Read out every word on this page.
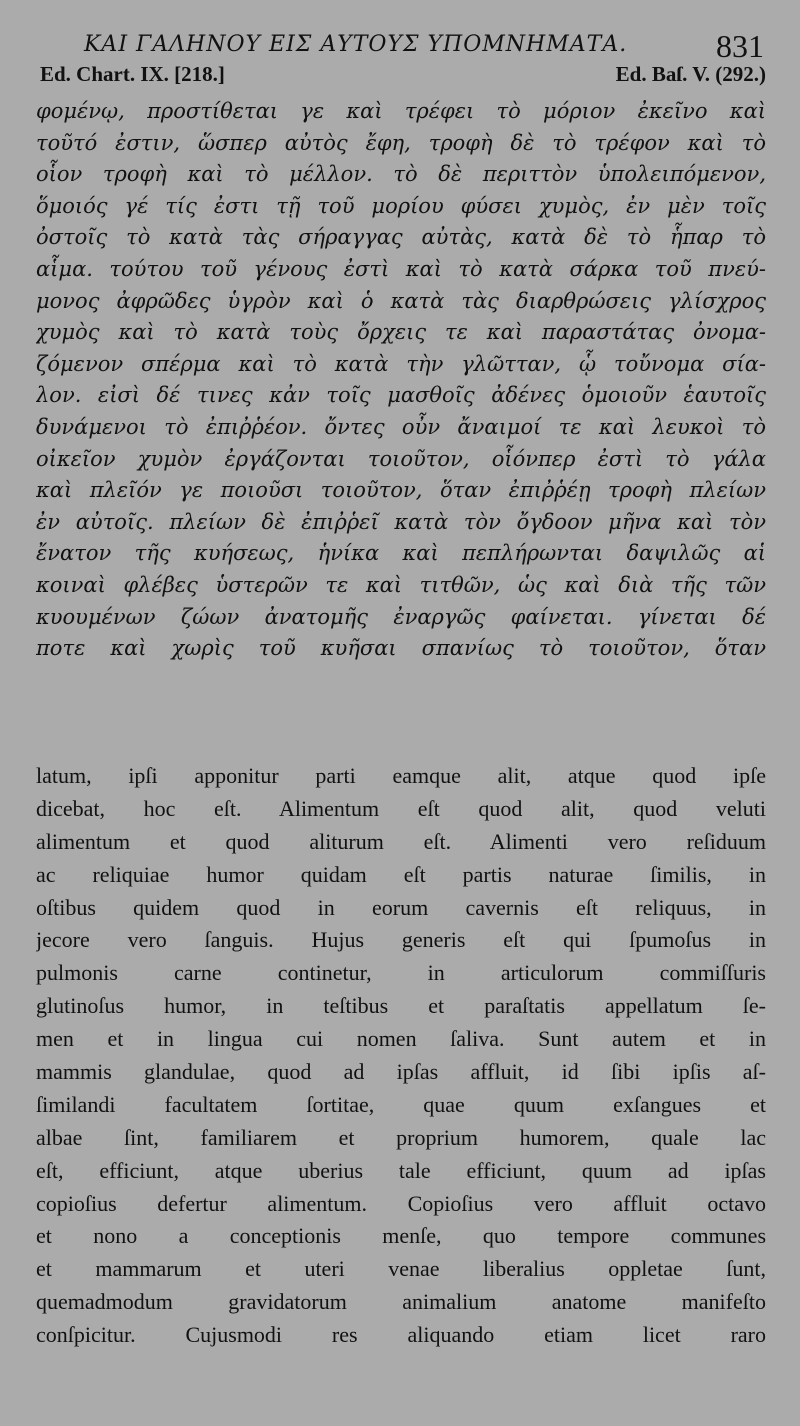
ΚΑΙ ΓΑΛΗΝΟΥ ΕΙΣ ΑΥΤΟΥΣ ΥΠΟΜΝΗΜΑΤΑ.	831
Ed. Chart. IX. [218.]	Ed. Baſ. V. (292.)
φομένῳ, προστίθεται γε καὶ τρέφει τὸ μόριον ἐκεῖνο καὶ
τοῦτό ἐστιν, ὥσπερ αὐτὸς ἔφη, τροφὴ δὲ τὸ τρέφον καὶ τὸ
οἷον τροφὴ καὶ τὸ μέλλον. τὸ δὲ περιττὸν ὑπολειπόμενον,
ὅμοιός γέ τίς ἐστι τῇ τοῦ μορίου φύσει χυμὸς, ἐν μὲν τοῖς
ὀστοῖς τὸ κατὰ τὰς σήραγγας αὐτὰς, κατὰ δὲ τὸ ἧπαρ τὸ
αἷμα. τούτου τοῦ γένους ἐστὶ καὶ τὸ κατὰ σάρκα τοῦ πνεύ-
μονος ἀφρῶδες ὑγρὸν καὶ ὁ κατὰ τὰς διαρθρώσεις γλίσχρος
χυμὸς καὶ τὸ κατὰ τοὺς ὄρχεις τε καὶ παραστάτας ὀνομα-
ζόμενον σπέρμα καὶ τὸ κατὰ τὴν γλῶτταν, ᾧ τοὔνομα σία-
λον. εἰσὶ δέ τινες κἀν τοῖς μασθοῖς ἀδένες ὁμοιοῦν ἑαυτοῖς
δυνάμενοι τὸ ἐπιῤῥέον. ὄντες οὖν ἄναιμοί τε καὶ λευκοὶ τὸ
οἰκεῖον χυμὸν ἐργάζονται τοιοῦτον, οἷόνπερ ἐστὶ τὸ γάλα
καὶ πλεῖόν γε ποιοῦσι τοιοῦτον, ὅταν ἐπιῤῥέῃ τροφὴ πλείων
ἐν αὐτοῖς. πλείων δὲ ἐπιῤῥεῖ κατὰ τὸν ὄγδοον μῆνα καὶ τὸν
ἔνατον τῆς κυήσεως, ἡνίκα καὶ πεπλήρωνται δαψιλῶς αἱ
κοιναὶ φλέβες ὑστερῶν τε καὶ τιτθῶν, ὡς καὶ διὰ τῆς τῶν
κυουμένων ζώων ἀνατομῆς ἐναργῶς φαίνεται. γίνεται δέ
ποτε καὶ χωρὶς τοῦ κυῆσαι σπανίως τὸ τοιοῦτον, ὅταν
latum, ipſi apponitur parti eamque alit, atque quod ipſe
dicebat, hoc eſt. Alimentum eſt quod alit, quod veluti
alimentum et quod aliturum eſt. Alimenti vero reſiduum
ac reliquiae humor quidam eſt partis naturae ſimilis, in
oſtibus quidem quod in eorum cavernis eſt reliquus, in
jecore vero ſanguis. Hujus generis eſt qui ſpumoſus in
pulmonis carne continetur, in articulorum commiſſuris
glutinoſus humor, in teſtibus et paraſtatis appellatum ſe-
men et in lingua cui nomen ſaliva. Sunt autem et in
mammis glandulae, quod ad ipſas affluit, id ſibi ipſis aſ-
ſimilandi facultatem ſortitae, quae quum exſangues et
albae ſint, familiarem et proprium humorem, quale lac
eſt, efficiunt, atque uberius tale efficiunt, quum ad ipſas
copioſius defertur alimentum. Copioſius vero affluit octavo
et nono a conceptionis menſe, quo tempore communes
et mammarum et uteri venae liberalius oppletae ſunt,
quemadmodum gravidatorum animalium anatome manifeſto
conſpicitur. Cujusmodi res aliquando etiam licet raro
